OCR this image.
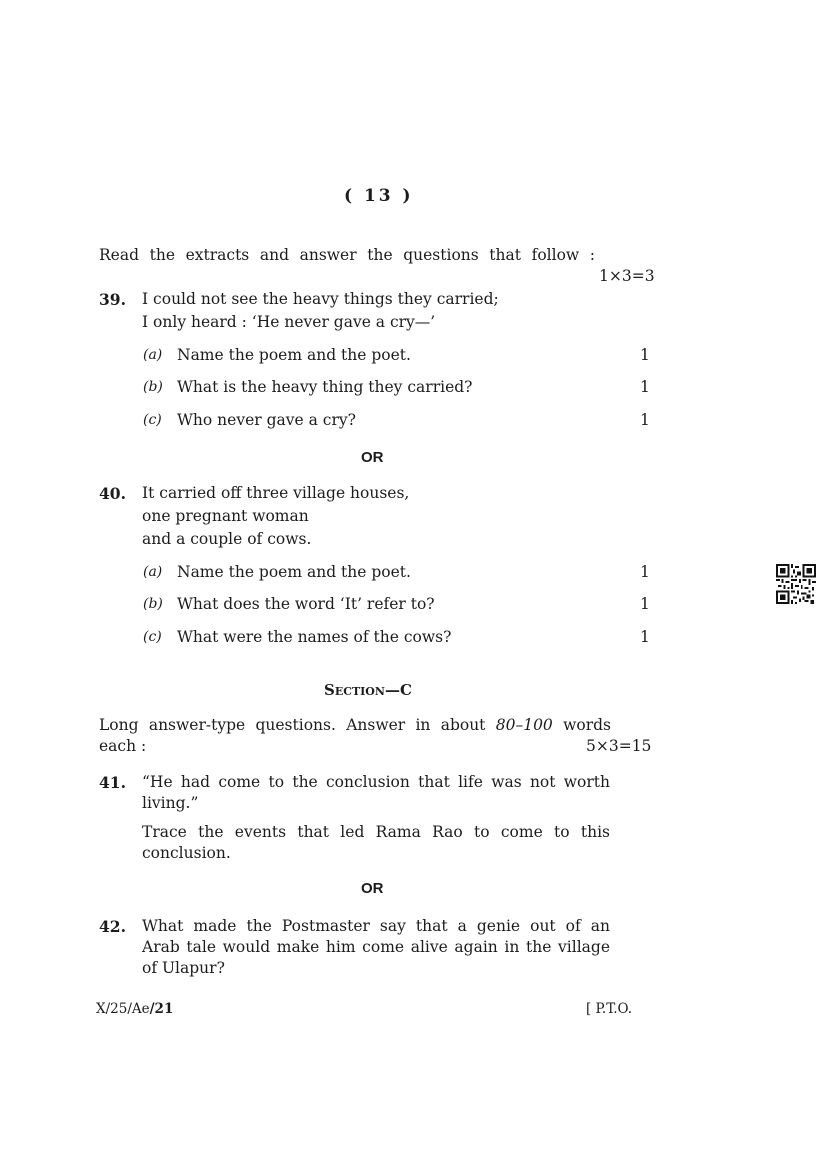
( 13 )
Read the extracts and answer the questions that follow :
1×3=3
39. I could not see the heavy things they carried;
I only heard : ‘He never gave a cry—’
(a) Name the poem and the poet.	1
(b) What is the heavy thing they carried?	1
(c) Who never gave a cry?	1
OR
40. It carried off three village houses,
one pregnant woman
and a couple of cows.
(a) Name the poem and the poet.	1
(b) What does the word ‘It’ refer to?	1
(c) What were the names of the cows?	1
Section—C
Long answer-type questions. Answer in about 80–100 words
each :	5×3=15
41. “He had come to the conclusion that life was not worth
living.”
Trace the events that led Rama Rao to come to this
conclusion.
OR
42. What made the Postmaster say that a genie out of an
Arab tale would make him come alive again in the village
of Ulapur?
X/25/Ae/21	[ P.T.O.
